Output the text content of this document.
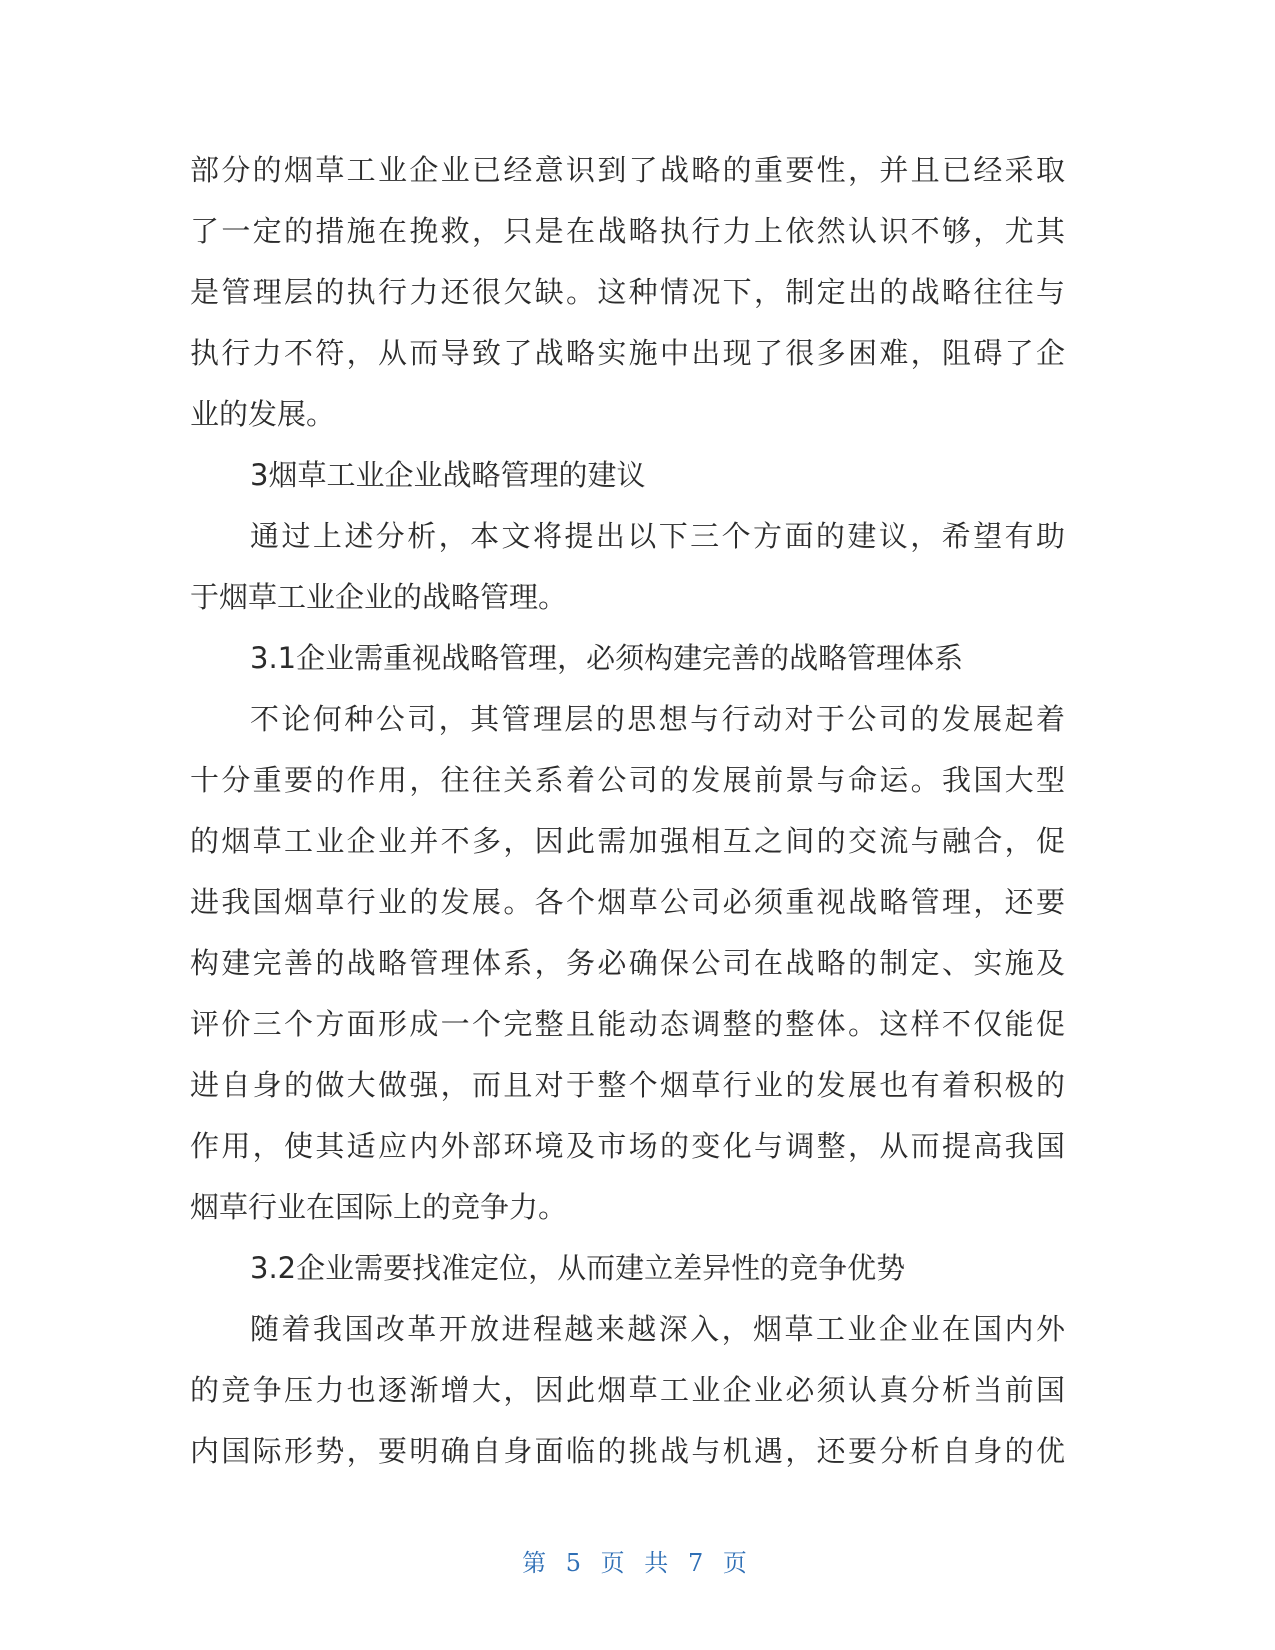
部分的烟草工业企业已经意识到了战略的重要性，并且已经采取
了一定的措施在挽救，只是在战略执行力上依然认识不够，尤其
是管理层的执行力还很欠缺。这种情况下，制定出的战略往往与
执行力不符，从而导致了战略实施中出现了很多困难，阻碍了企
业的发展。
3烟草工业企业战略管理的建议
通过上述分析，本文将提出以下三个方面的建议，希望有助
于烟草工业企业的战略管理。
3.1企业需重视战略管理，必须构建完善的战略管理体系
不论何种公司，其管理层的思想与行动对于公司的发展起着
十分重要的作用，往往关系着公司的发展前景与命运。我国大型
的烟草工业企业并不多，因此需加强相互之间的交流与融合，促
进我国烟草行业的发展。各个烟草公司必须重视战略管理，还要
构建完善的战略管理体系，务必确保公司在战略的制定、实施及
评价三个方面形成一个完整且能动态调整的整体。这样不仅能促
进自身的做大做强，而且对于整个烟草行业的发展也有着积极的
作用，使其适应内外部环境及市场的变化与调整，从而提高我国
烟草行业在国际上的竞争力。
3.2企业需要找准定位，从而建立差异性的竞争优势
随着我国改革开放进程越来越深入，烟草工业企业在国内外
的竞争压力也逐渐增大，因此烟草工业企业必须认真分析当前国
内国际形势，要明确自身面临的挑战与机遇，还要分析自身的优
第 5 页 共 7 页
